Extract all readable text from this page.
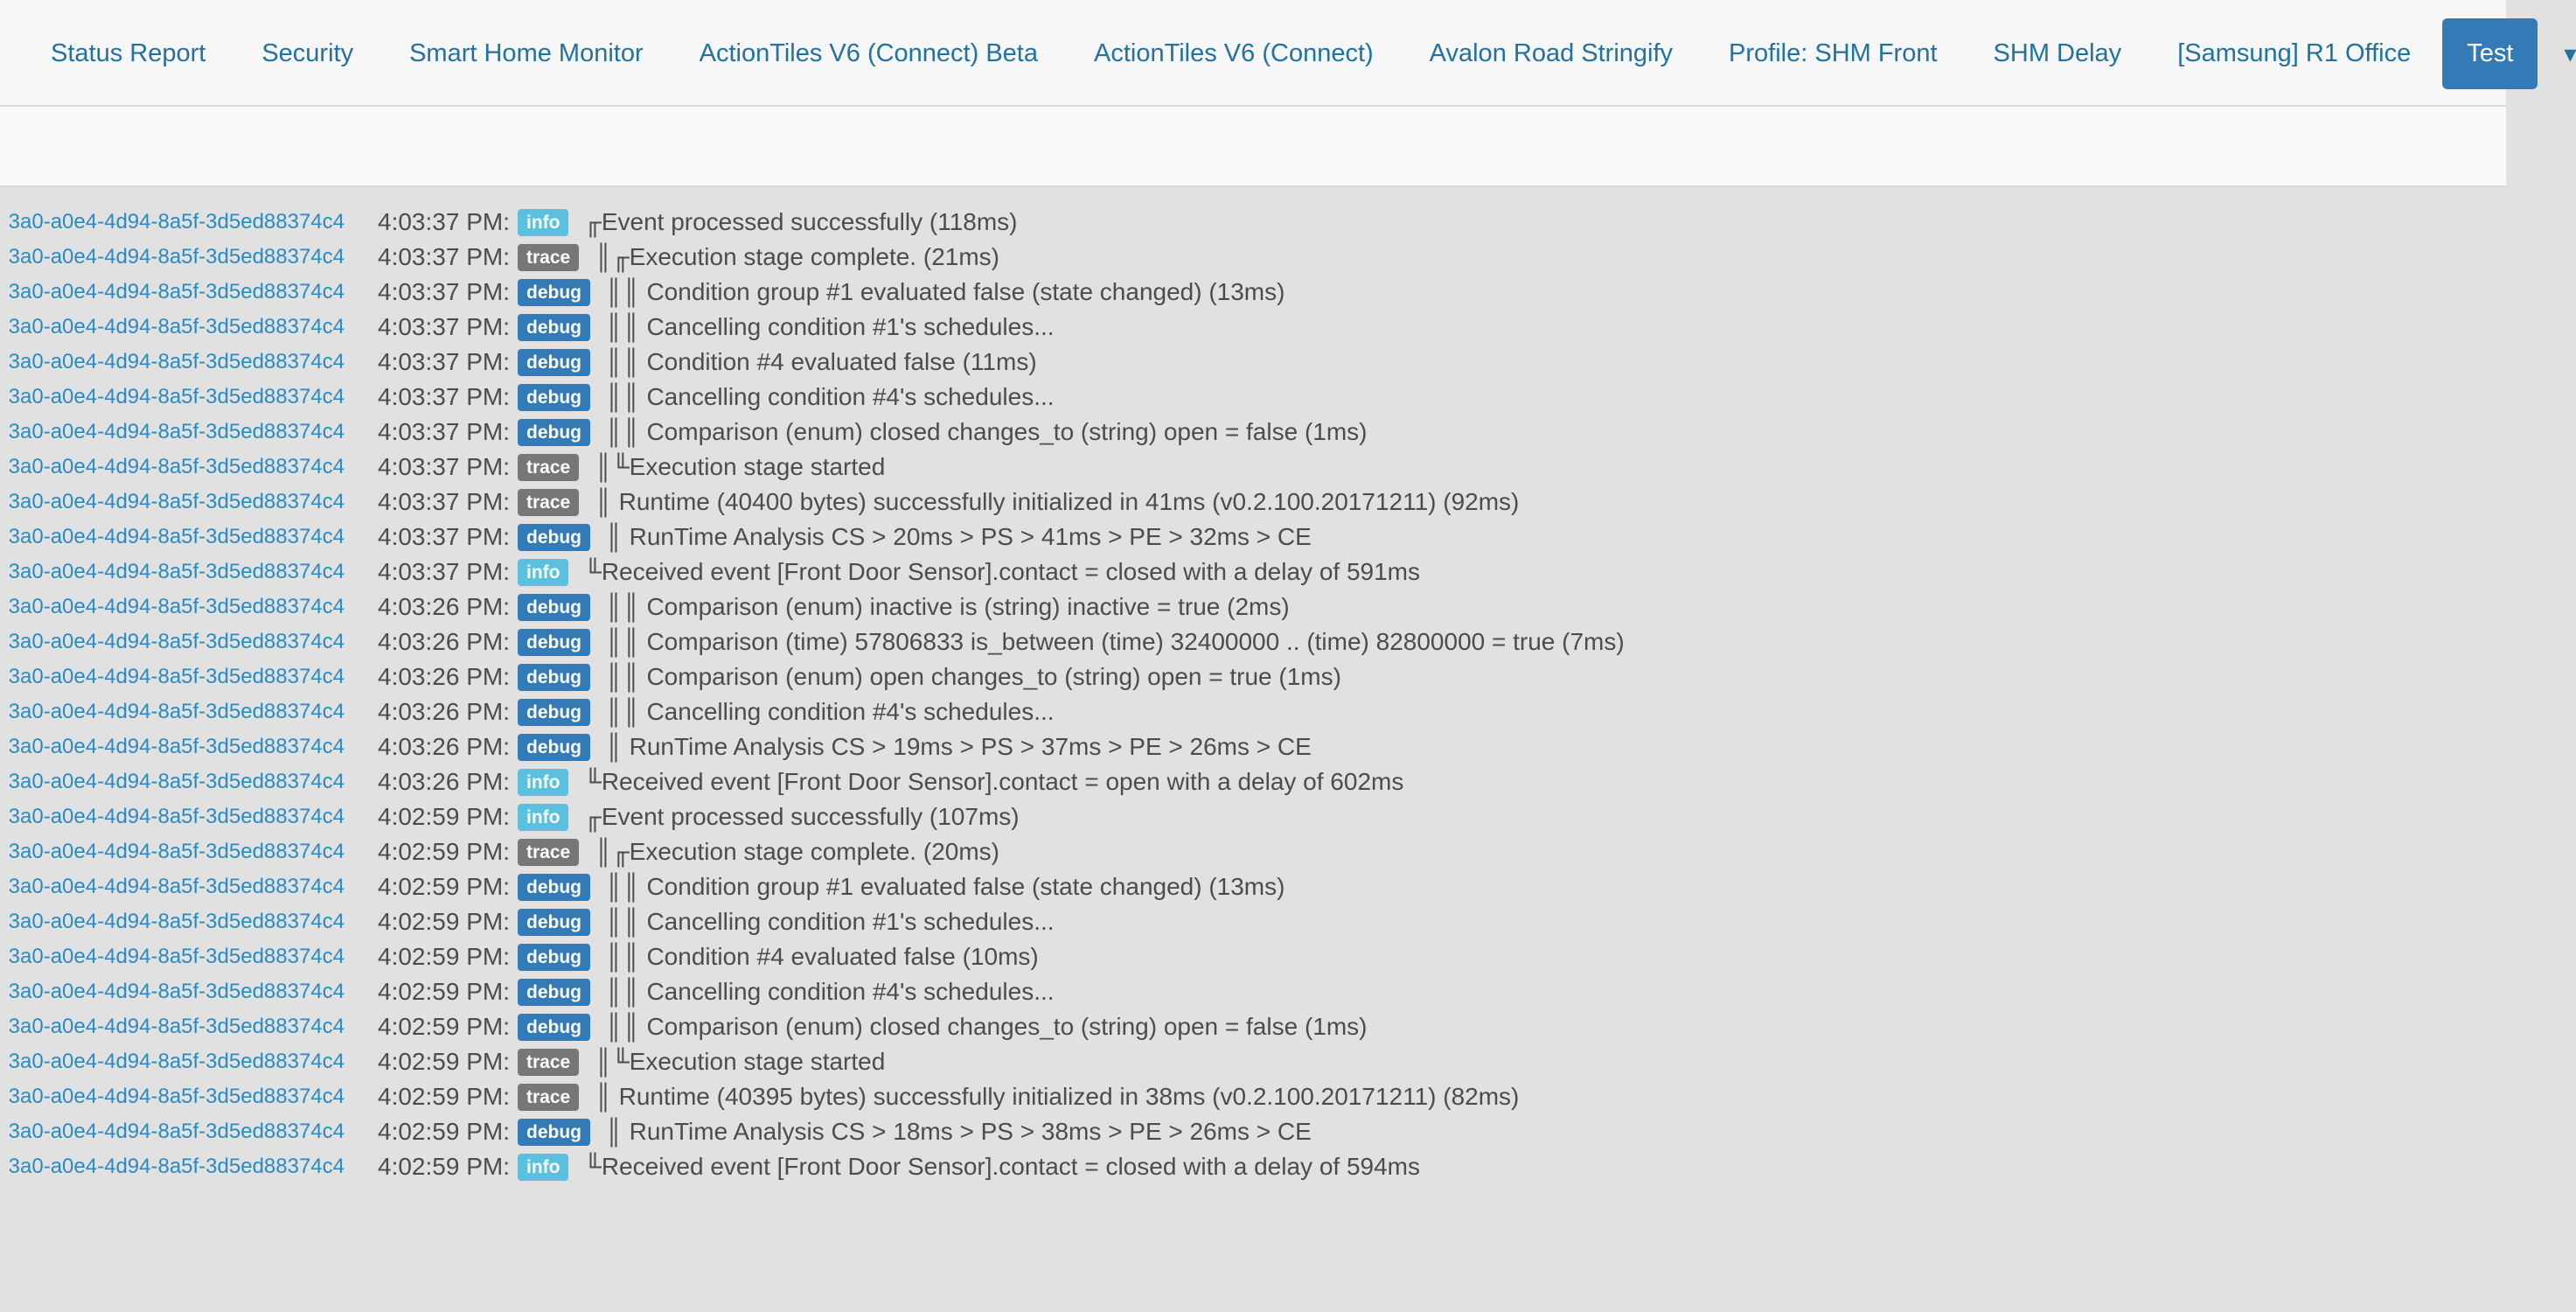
Status Report	Security	Smart Home Monitor	ActionTiles V6 (Connect) Beta	ActionTiles V6 (Connect)	Avalon Road Stringify	Profile: SHM Front	SHM Delay	[Samsung] R1 Office	Test	▾
3a0-a0e4-4d94-8a5f-3d5ed88374c4 4:03:37 PM: info ╓Event processed successfully (118ms)
3a0-a0e4-4d94-8a5f-3d5ed88374c4 4:03:37 PM: trace ║╓Execution stage complete. (21ms)
3a0-a0e4-4d94-8a5f-3d5ed88374c4 4:03:37 PM: debug ║║ Condition group #1 evaluated false (state changed) (13ms)
3a0-a0e4-4d94-8a5f-3d5ed88374c4 4:03:37 PM: debug ║║ Cancelling condition #1's schedules...
3a0-a0e4-4d94-8a5f-3d5ed88374c4 4:03:37 PM: debug ║║ Condition #4 evaluated false (11ms)
3a0-a0e4-4d94-8a5f-3d5ed88374c4 4:03:37 PM: debug ║║ Cancelling condition #4's schedules...
3a0-a0e4-4d94-8a5f-3d5ed88374c4 4:03:37 PM: debug ║║ Comparison (enum) closed changes_to (string) open = false (1ms)
3a0-a0e4-4d94-8a5f-3d5ed88374c4 4:03:37 PM: trace ║╙Execution stage started
3a0-a0e4-4d94-8a5f-3d5ed88374c4 4:03:37 PM: trace ║ Runtime (40400 bytes) successfully initialized in 41ms (v0.2.100.20171211) (92ms)
3a0-a0e4-4d94-8a5f-3d5ed88374c4 4:03:37 PM: debug ║ RunTime Analysis CS > 20ms > PS > 41ms > PE > 32ms > CE
3a0-a0e4-4d94-8a5f-3d5ed88374c4 4:03:37 PM: info ╙Received event [Front Door Sensor].contact = closed with a delay of 591ms
3a0-a0e4-4d94-8a5f-3d5ed88374c4 4:03:26 PM: debug ║║ Comparison (enum) inactive is (string) inactive = true (2ms)
3a0-a0e4-4d94-8a5f-3d5ed88374c4 4:03:26 PM: debug ║║ Comparison (time) 57806833 is_between (time) 32400000 .. (time) 82800000 = true (7ms)
3a0-a0e4-4d94-8a5f-3d5ed88374c4 4:03:26 PM: debug ║║ Comparison (enum) open changes_to (string) open = true (1ms)
3a0-a0e4-4d94-8a5f-3d5ed88374c4 4:03:26 PM: debug ║║ Cancelling condition #4's schedules...
3a0-a0e4-4d94-8a5f-3d5ed88374c4 4:03:26 PM: debug ║ RunTime Analysis CS > 19ms > PS > 37ms > PE > 26ms > CE
3a0-a0e4-4d94-8a5f-3d5ed88374c4 4:03:26 PM: info ╙Received event [Front Door Sensor].contact = open with a delay of 602ms
3a0-a0e4-4d94-8a5f-3d5ed88374c4 4:02:59 PM: info ╓Event processed successfully (107ms)
3a0-a0e4-4d94-8a5f-3d5ed88374c4 4:02:59 PM: trace ║╓Execution stage complete. (20ms)
3a0-a0e4-4d94-8a5f-3d5ed88374c4 4:02:59 PM: debug ║║ Condition group #1 evaluated false (state changed) (13ms)
3a0-a0e4-4d94-8a5f-3d5ed88374c4 4:02:59 PM: debug ║║ Cancelling condition #1's schedules...
3a0-a0e4-4d94-8a5f-3d5ed88374c4 4:02:59 PM: debug ║║ Condition #4 evaluated false (10ms)
3a0-a0e4-4d94-8a5f-3d5ed88374c4 4:02:59 PM: debug ║║ Cancelling condition #4's schedules...
3a0-a0e4-4d94-8a5f-3d5ed88374c4 4:02:59 PM: debug ║║ Comparison (enum) closed changes_to (string) open = false (1ms)
3a0-a0e4-4d94-8a5f-3d5ed88374c4 4:02:59 PM: trace ║╙Execution stage started
3a0-a0e4-4d94-8a5f-3d5ed88374c4 4:02:59 PM: trace ║ Runtime (40395 bytes) successfully initialized in 38ms (v0.2.100.20171211) (82ms)
3a0-a0e4-4d94-8a5f-3d5ed88374c4 4:02:59 PM: debug ║ RunTime Analysis CS > 18ms > PS > 38ms > PE > 26ms > CE
3a0-a0e4-4d94-8a5f-3d5ed88374c4 4:02:59 PM: info ╙Received event [Front Door Sensor].contact = closed with a delay of 594ms
